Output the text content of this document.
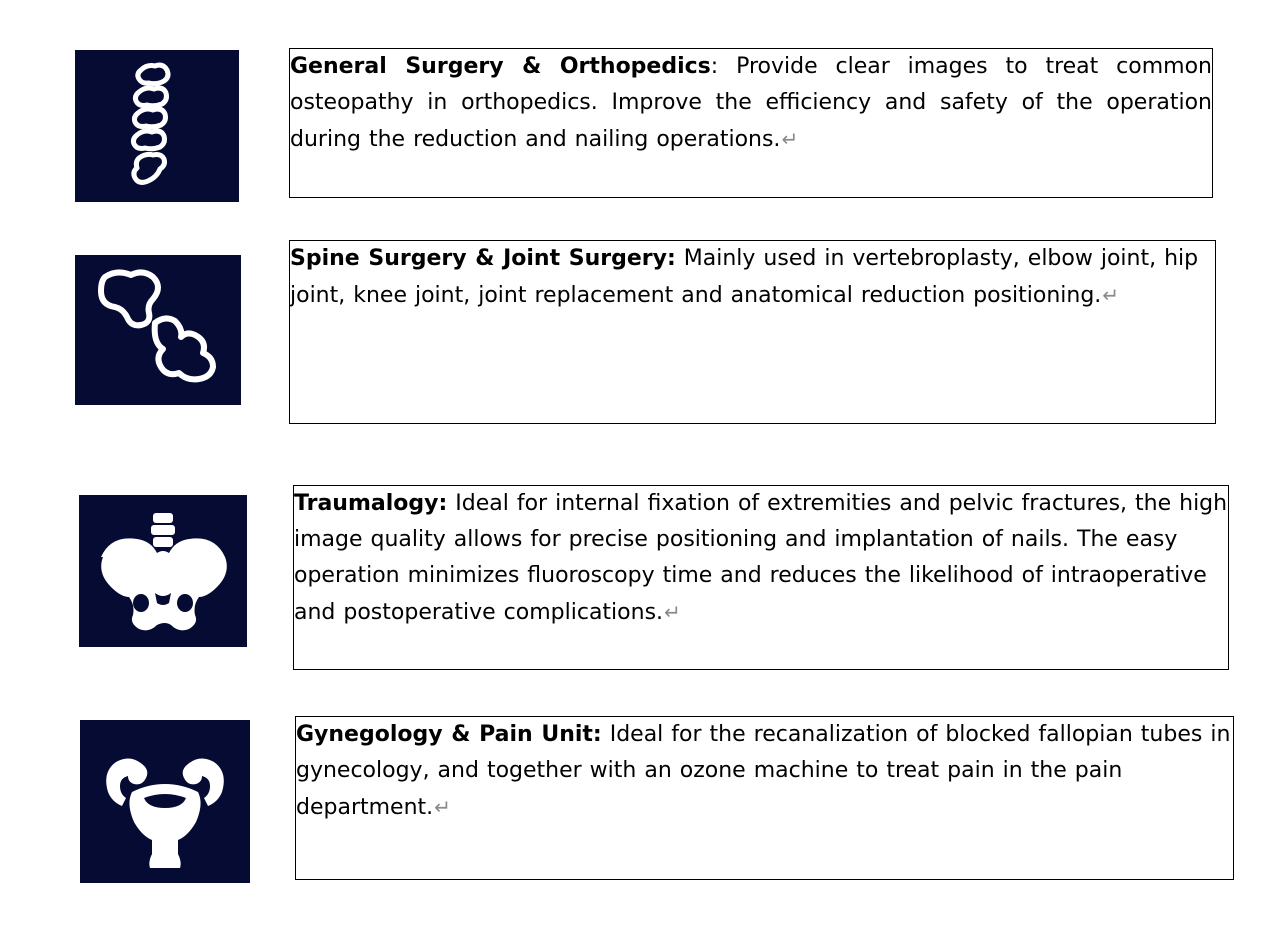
General Surgery & Orthopedics: Provide clear images to treat common osteopathy in orthopedics. Improve the efficiency and safety of the operation during the reduction and nailing operations.↵

Spine Surgery & Joint Surgery: Mainly used in vertebroplasty, elbow joint, hip joint, knee joint, joint replacement and anatomical reduction positioning.↵

Traumalogy: Ideal for internal fixation of extremities and pelvic fractures, the high image quality allows for precise positioning and implantation of nails. The easy operation minimizes fluoroscopy time and reduces the likelihood of intraoperative and postoperative complications.↵

Gynegology & Pain Unit: Ideal for the recanalization of blocked fallopian tubes in gynecology, and together with an ozone machine to treat pain in the pain department.↵
